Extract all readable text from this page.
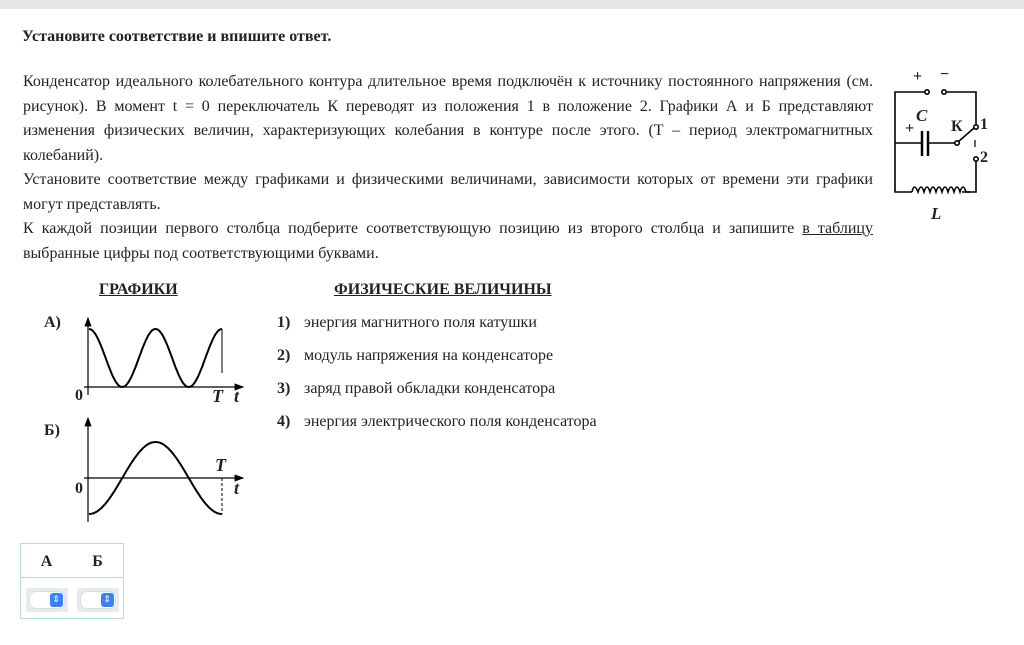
Установите соответствие и впишите ответ.

Конденсатор идеального колебательного контура длительное время подключён к источнику постоянного напряжения (см. рисунок). В момент t = 0 переключатель К переводят из положения 1 в положение 2. Графики А и Б представляют изменения физических величин, характеризующих колебания в контуре после этого. (T – период электромагнитных колебаний).

Установите соответствие между графиками и физическими величинами, зависимости которых от времени эти графики могут представлять.

К каждой позиции первого столбца подберите соответствующую позицию из второго столбца и запишите в таблицу выбранные цифры под соответствующими буквами.

+ −
C
+ К 1
2
L
ГРАФИКИ	ФИЗИЧЕСКИЕ ВЕЛИЧИНЫ
А)
0	T t
Б)
0
T
t
1) энергия магнитного поля катушки
2) модуль напряжения на конденсаторе
3) заряд правой обкладки конденсатора
4) энергия электрического поля конденсатора
А	Б
⇕	⇕
